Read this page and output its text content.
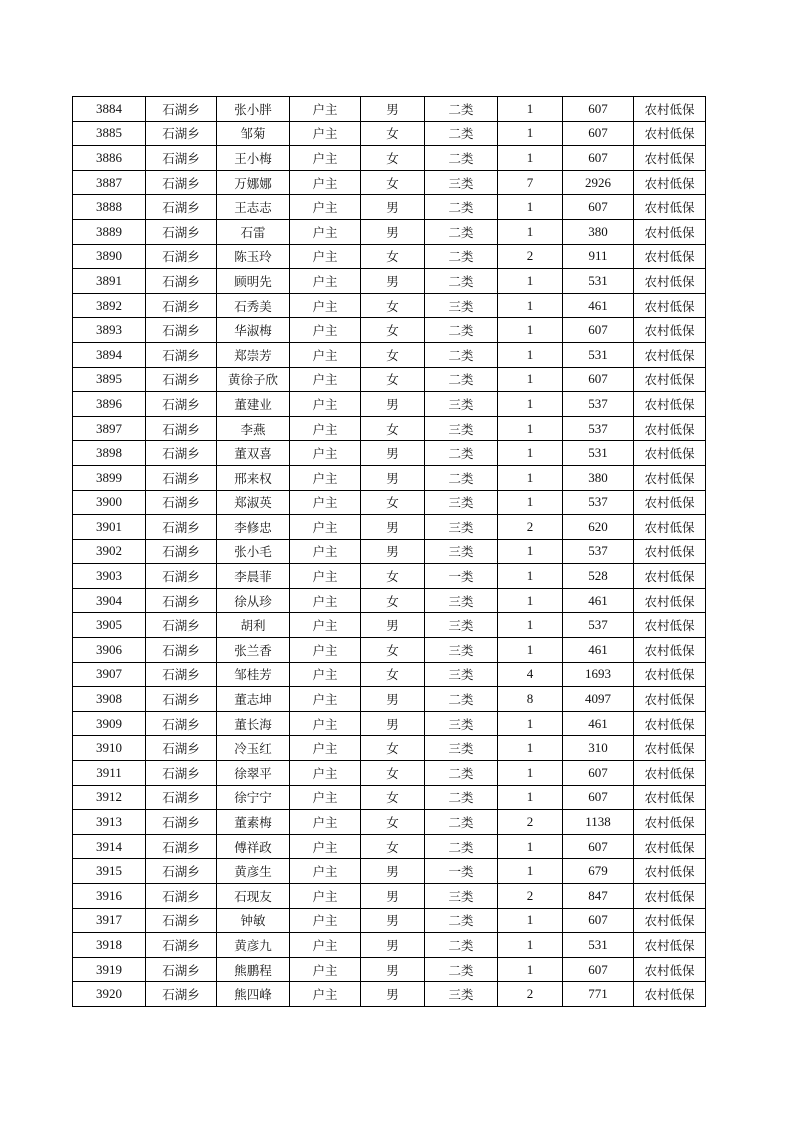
3884	石湖乡	张小胖	户主	男	二类	1	607	农村低保
3885	石湖乡	邹菊	户主	女	二类	1	607	农村低保
3886	石湖乡	王小梅	户主	女	二类	1	607	农村低保
3887	石湖乡	万娜娜	户主	女	三类	7	2926	农村低保
3888	石湖乡	王志志	户主	男	二类	1	607	农村低保
3889	石湖乡	石雷	户主	男	二类	1	380	农村低保
3890	石湖乡	陈玉玲	户主	女	二类	2	911	农村低保
3891	石湖乡	顾明先	户主	男	二类	1	531	农村低保
3892	石湖乡	石秀美	户主	女	三类	1	461	农村低保
3893	石湖乡	华淑梅	户主	女	二类	1	607	农村低保
3894	石湖乡	郑崇芳	户主	女	二类	1	531	农村低保
3895	石湖乡	黄徐子欣	户主	女	二类	1	607	农村低保
3896	石湖乡	董建业	户主	男	三类	1	537	农村低保
3897	石湖乡	李燕	户主	女	三类	1	537	农村低保
3898	石湖乡	董双喜	户主	男	二类	1	531	农村低保
3899	石湖乡	邢来权	户主	男	二类	1	380	农村低保
3900	石湖乡	郑淑英	户主	女	三类	1	537	农村低保
3901	石湖乡	李修忠	户主	男	三类	2	620	农村低保
3902	石湖乡	张小毛	户主	男	三类	1	537	农村低保
3903	石湖乡	李晨菲	户主	女	一类	1	528	农村低保
3904	石湖乡	徐从珍	户主	女	三类	1	461	农村低保
3905	石湖乡	胡利	户主	男	三类	1	537	农村低保
3906	石湖乡	张兰香	户主	女	三类	1	461	农村低保
3907	石湖乡	邹桂芳	户主	女	三类	4	1693	农村低保
3908	石湖乡	董志坤	户主	男	二类	8	4097	农村低保
3909	石湖乡	董长海	户主	男	三类	1	461	农村低保
3910	石湖乡	冷玉红	户主	女	三类	1	310	农村低保
3911	石湖乡	徐翠平	户主	女	二类	1	607	农村低保
3912	石湖乡	徐宁宁	户主	女	二类	1	607	农村低保
3913	石湖乡	董素梅	户主	女	二类	2	1138	农村低保
3914	石湖乡	傅祥政	户主	女	二类	1	607	农村低保
3915	石湖乡	黄彦生	户主	男	一类	1	679	农村低保
3916	石湖乡	石现友	户主	男	三类	2	847	农村低保
3917	石湖乡	钟敏	户主	男	二类	1	607	农村低保
3918	石湖乡	黄彦九	户主	男	二类	1	531	农村低保
3919	石湖乡	熊鹏程	户主	男	二类	1	607	农村低保
3920	石湖乡	熊四峰	户主	男	三类	2	771	农村低保
